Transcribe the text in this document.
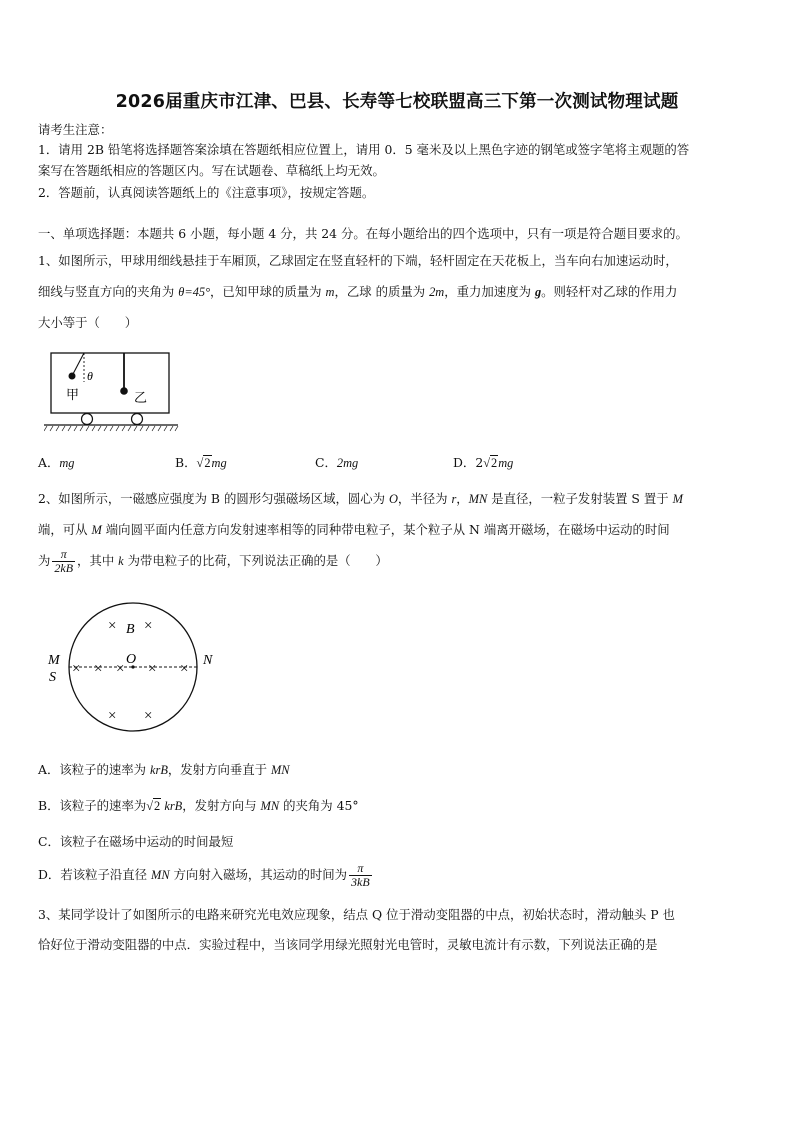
2026届重庆市江津、巴县、长寿等七校联盟高三下第一次测试物理试题
请考生注意：
1．请用 2B 铅笔将选择题答案涂填在答题纸相应位置上，请用 0．5 毫米及以上黑色字迹的钢笔或签字笔将主观题的答
案写在答题纸相应的答题区内。写在试题卷、草稿纸上均无效。
2．答题前，认真阅读答题纸上的《注意事项》，按规定答题。
一、单项选择题：本题共 6 小题，每小题 4 分，共 24 分。在每小题给出的四个选项中，只有一项是符合题目要求的。
1、如图所示，甲球用细线悬挂于车厢顶，乙球固定在竖直轻杆的下端，轻杆固定在天花板上，当车向右加速运动时，
细线与竖直方向的夹角为 θ=45°，已知甲球的质量为 m，乙球 的质量为 2m，重力加速度为 g。则轻杆对乙球的作用力
大小等于（　　）
θ
甲	乙
A．mg	B．√2mg	C．2mg	D．2√2mg
2、如图所示，一磁感应强度为 B 的圆形匀强磁场区域，圆心为 O，半径为 r，MN 是直径，一粒子发射装置 S 置于 M
端，可从 M 端向圆平面内任意方向发射速率相等的同种带电粒子，某个粒子从 N 端离开磁场，在磁场中运动的时间
为 $\frac{\pi}{2kB}$ ，其中 k 为带电粒子的比荷，下列说法正确的是（　　）
× ×
× × × × ×
× ×
B
O
M
S
N
A．该粒子的速率为 krB，发射方向垂直于 MN
B．该粒子的速率为√2 krB，发射方向与 MN 的夹角为 45°
C．该粒子在磁场中运动的时间最短
D．若该粒子沿直径 MN 方向射入磁场，其运动的时间为 $\frac{\pi}{3kB}$
3、某同学设计了如图所示的电路来研究光电效应现象，结点 Q 位于滑动变阻器的中点，初始状态时，滑动触头 P 也
恰好位于滑动变阻器的中点．实验过程中，当该同学用绿光照射光电管时，灵敏电流计有示数，下列说法正确的是
